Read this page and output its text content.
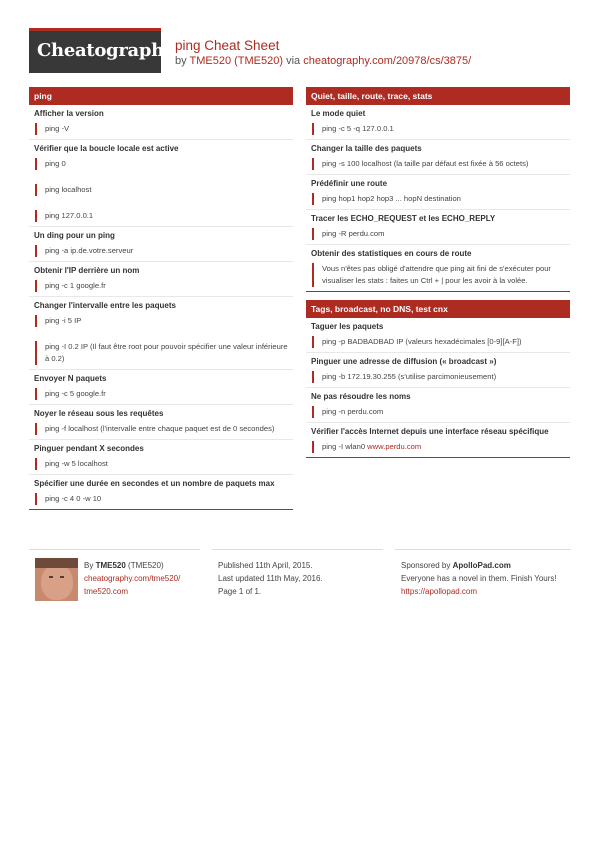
Cheatography ping Cheat Sheet
by TME520 (TME520) via cheatography.com/20978/cs/3875/
ping
Afficher la version
ping -V
Vérifier que la boucle locale est active
ping 0
ping localhost
ping 127.0.0.1
Un ding pour un ping
ping -a ip.de.votre.serveur
Obtenir l'IP derrière un nom
ping -c 1 google.fr
Changer l'intervalle entre les paquets
ping -i 5 IP
ping -I 0.2 IP (Il faut être root pour pouvoir spécifier une valeur inférieure à 0.2)
Envoyer N paquets
ping -c 5 google.fr
Noyer le réseau sous les requêtes
ping -f localhost (l'intervalle entre chaque paquet est de 0 secondes)
Pinguer pendant X secondes
ping -w 5 localhost
Spécifier une durée en secondes et un nombre de paquets max
ping -c 4 0 -w 10
Quiet, taille, route, trace, stats
Le mode quiet
ping -c 5 -q 127.0.0.1
Changer la taille des paquets
ping -s 100 localhost (la taille par défaut est fixée à 56 octets)
Prédéfinir une route
ping hop1 hop2 hop3 ... hopN destination
Tracer les ECHO_REQUEST et les ECHO_REPLY
ping -R perdu.com
Obtenir des statistiques en cours de route
Vous n'êtes pas obligé d'attendre que ping ait fini de s'exécuter pour visualiser les stats : faites un Ctrl + | pour les avoir à la volée.
Tags, broadcast, no DNS, test cnx
Taguer les paquets
ping -p BADBADBAD IP (valeurs hexadécimales [0-9][A-F])
Pinguer une adresse de diffusion (« broadcast »)
ping -b 172.19.30.255 (s'utilise parcimonieusement)
Ne pas résoudre les noms
ping -n perdu.com
Vérifier l'accès Internet depuis une interface réseau spécifique
ping -I wlan0 www.perdu.com
By TME520 (TME520)
cheatography.com/tme520/
tme520.com
Published 11th April, 2015.
Last updated 11th May, 2016.
Page 1 of 1.
Sponsored by ApolloPad.com
Everyone has a novel in them. Finish Yours!
https://apollopad.com
